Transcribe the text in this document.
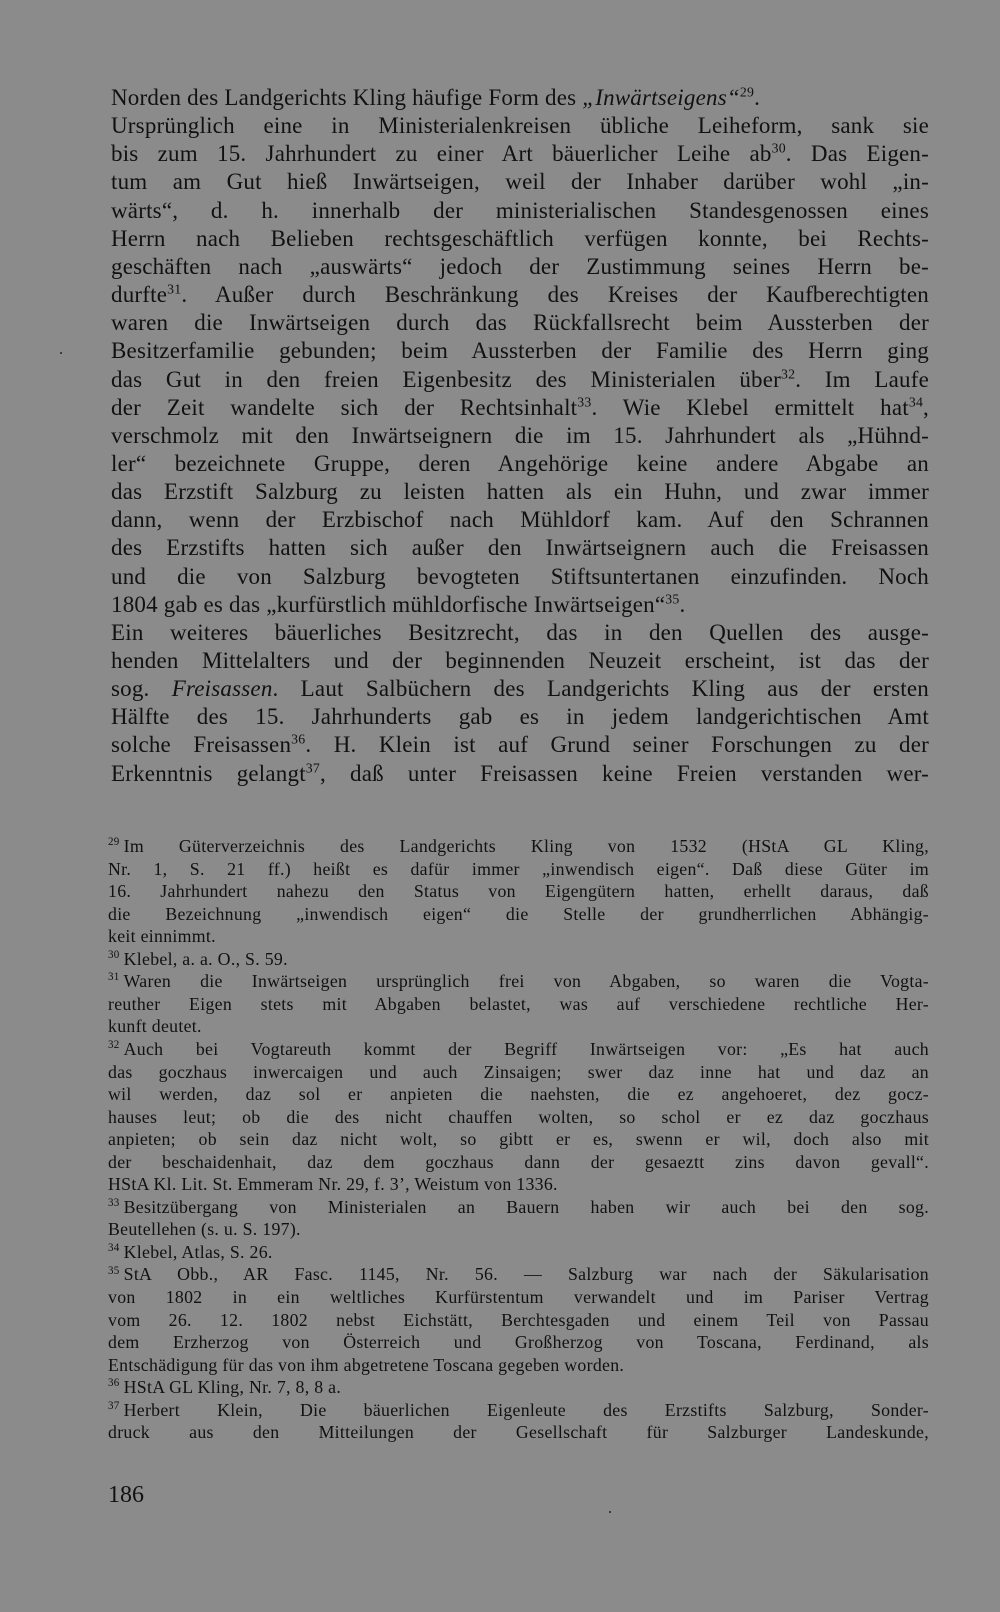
Norden des Landgerichts Kling häufige Form des „Inwärtseigens“$^{29}$.
Ursprünglich eine in Ministerialenkreisen übliche Leiheform, sank sie
bis zum 15. Jahrhundert zu einer Art bäuerlicher Leihe $ab^{30}$. Das Eigen-
tum am Gut hieß Inwärtseigen, weil der Inhaber darüber wohl „in-
wärts“, d. h. innerhalb der ministerialischen Standesgenossen eines
Herrn nach Belieben rechtsgeschäftlich verfügen konnte, bei Rechts-
geschäften nach „auswärts“ jedoch der Zustimmung seines Herrn be-
durfte$^{31}$. Außer durch Beschränkung des Kreises der Kaufberechtigten
waren die Inwärtseigen durch das Rückfallsrecht beim Aussterben der
Besitzerfamilie gebunden; beim Aussterben der Familie des Herrn ging
das Gut in den freien Eigenbesitz des Ministerialen über$^{32}$. Im Laufe
der Zeit wandelte sich der Rechtsinhalt$^{33}$. Wie Klebel ermittelt hat$^{34}$,
verschmolz mit den Inwärtseignern die im 15. Jahrhundert als „Hühnd-
ler“ bezeichnete Gruppe, deren Angehörige keine andere Abgabe an
das Erzstift Salzburg zu leisten hatten als ein Huhn, und zwar immer
dann, wenn der Erzbischof nach Mühldorf kam. Auf den Schrannen
des Erzstifts hatten sich außer den Inwärtseignern auch die Freisassen
und die von Salzburg bevogteten Stiftsuntertanen einzufinden. Noch
1804 gab es das „kurfürstlich mühldorfische Inwärtseigen“$^{35}$.
Ein weiteres bäuerliches Besitzrecht, das in den Quellen des ausge-
henden Mittelalters und der beginnenden Neuzeit erscheint, ist das der
sog. Freisassen. Laut Salbüchern des Landgerichts Kling aus der ersten
Hälfte des 15. Jahrhunderts gab es in jedem landgerichtischen Amt
solche Freisassen$^{36}$. H. Klein ist auf Grund seiner Forschungen zu der
Erkenntnis gelangt$^{37}$, daß unter Freisassen keine Freien verstanden wer-
$^{29}$ Im Güterverzeichnis des Landgerichts Kling von 1532 (HStA GL Kling,
Nr. 1, S. 21 ff.) heißt es dafür immer „inwendisch eigen“. Daß diese Güter im
16. Jahrhundert nahezu den Status von Eigengütern hatten, erhellt daraus, daß
die Bezeichnung „inwendisch eigen“ die Stelle der grundherrlichen Abhängig-
keit einnimmt.
$^{30}$ Klebel, a. a. O., S. 59.
$^{31}$ Waren die Inwärtseigen ursprünglich frei von Abgaben, so waren die Vogta-
reuther Eigen stets mit Abgaben belastet, was auf verschiedene rechtliche Her-
kunft deutet.
$^{32}$ Auch bei Vogtareuth kommt der Begriff Inwärtseigen vor: „Es hat auch
das goczhaus inwercaigen und auch Zinsaigen; swer daz inne hat und daz an
wil werden, daz sol er anpieten die naehsten, die ez angehoeret, dez gocz-
hauses leut; ob die des nicht chauffen wolten, so schol er ez daz goczhaus
anpieten; ob sein daz nicht wolt, so gibtt er es, swenn er wil, doch also mit
der beschaidenhait, daz dem goczhaus dann der gesaeztt zins davon gevall“.
HStA Kl. Lit. St. Emmeram Nr. 29, f. 3’, Weistum von 1336.
$^{33}$ Besitzübergang von Ministerialen an Bauern haben wir auch bei den sog.
Beutellehen (s. u. S. 197).
$^{34}$ Klebel, Atlas, S. 26.
$^{35}$ StA Obb., AR Fasc. 1145, Nr. 56. — Salzburg war nach der Säkularisation
von 1802 in ein weltliches Kurfürstentum verwandelt und im Pariser Vertrag
vom 26. 12. 1802 nebst Eichstätt, Berchtesgaden und einem Teil von Passau
dem Erzherzog von Österreich und Großherzog von Toscana, Ferdinand, als
Entschädigung für das von ihm abgetretene Toscana gegeben worden.
$^{36}$ HStA GL Kling, Nr. 7, 8, 8 a.
$^{37}$ Herbert Klein, Die bäuerlichen Eigenleute des Erzstifts Salzburg, Sonder-
druck aus den Mitteilungen der Gesellschaft für Salzburger Landeskunde,
186
